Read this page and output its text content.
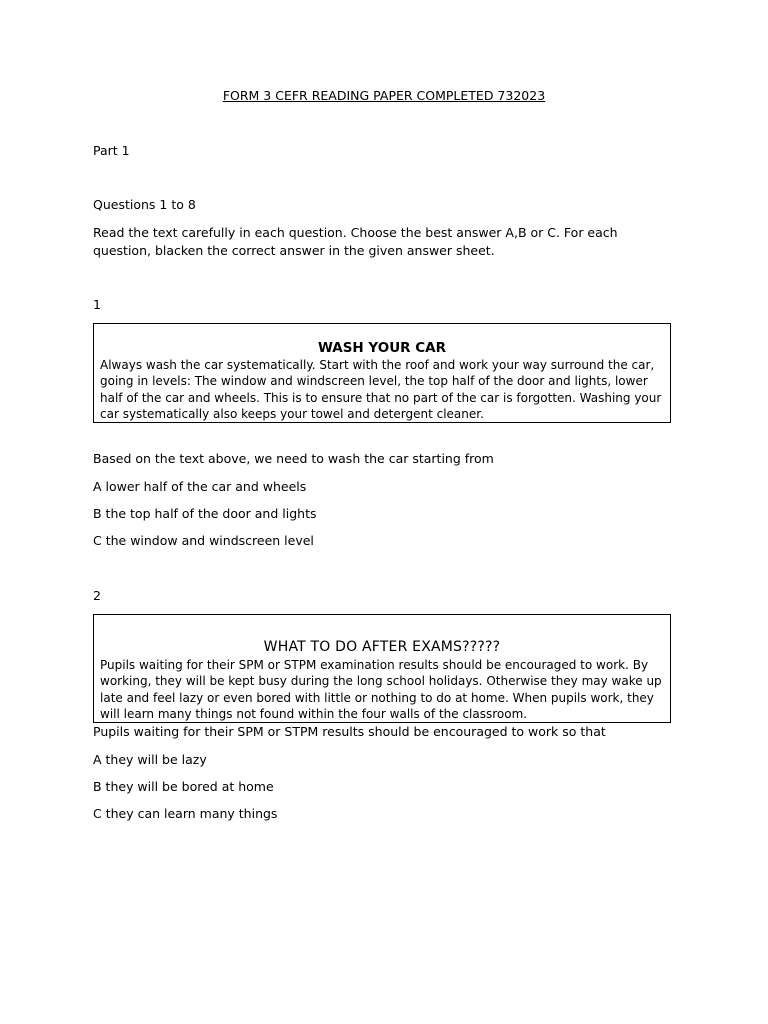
FORM 3 CEFR READING PAPER COMPLETED 732023

Part 1

Questions 1 to 8

Read the text carefully in each question. Choose the best answer A,B or C. For each question, blacken the correct answer in the given answer sheet.

1

WASH YOUR CAR

Always wash the car systematically. Start with the roof and work your way surround the car, going in levels: The window and windscreen level, the top half of the door and lights, lower half of the car and wheels. This is to ensure that no part of the car is forgotten. Washing your car systematically also keeps your towel and detergent cleaner.

Based on the text above, we need to wash the car starting from

A lower half of the car and wheels

B the top half of the door and lights

C the window and windscreen level

2

WHAT TO DO AFTER EXAMS?????

Pupils waiting for their SPM or STPM examination results should be encouraged to work. By working, they will be kept busy during the long school holidays. Otherwise they may wake up late and feel lazy or even bored with little or nothing to do at home. When pupils work, they will learn many things not found within the four walls of the classroom.

Pupils waiting for their SPM or STPM results should be encouraged to work so that

A they will be lazy

B they will be bored at home

C they can learn many things
